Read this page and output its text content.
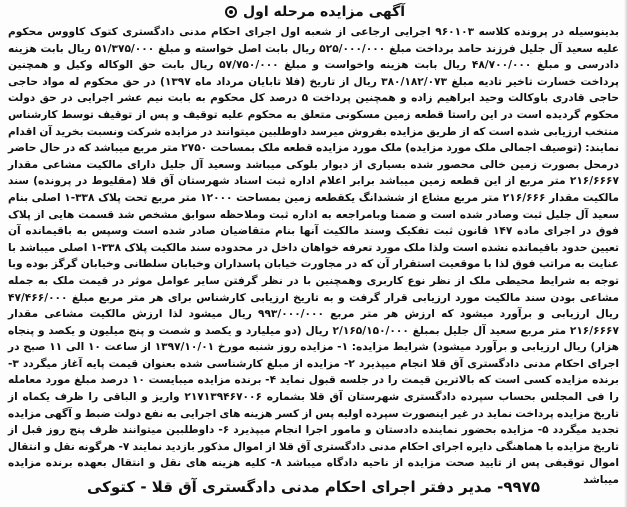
آگهی مزایده مرحله اول
بدینوسیله در پرونده کلاسه ۹۶۰۱۰۳ اجرایی ارجاعی از شعبه اول اجرای احکام مدنی دادگستری کتوک کاووس محکوم علیه سعید آل جلیل فرزند حامد برداخت مبلغ ۵۲۵/۰۰۰/۰۰۰ ریال بابت اصل خواسته و مبلغ ۵۱/۳۷۵/۰۰۰ ریال بابت هزینه دادرسی و مبلغ ۴۸/۷۰۰/۰۰۰ ریال بابت هزینه واخواست و مبلغ ۵۷/۷۵۰/۰۰۰ ریال بابت حق الوکاله وکیل و همچنین پرداخت خسارت تاخیر تادیه مبلغ ۳۸۰/۱۸۲/۰۷۳ ریال از تاریخ (فلا تابایان مرداد ماه ۱۳۹۷) در حق محکوم له مواد حاجی حاجی قادری باوکالت وحید ابراهیم زاده و همچنین پرداخت ۵ درصد کل محکوم به بابت نیم عشر اجرایی در حق دولت محکوم گردیده است در این راستا قطعه زمین مسکونی متعلق به محکوم علیه توقیف و پس از توقیف توسط کارشناس منتخب ارزیابی شده است که از طریق مزایده بفروش میرسد داوطلبین میتوانند در مزایده شرکت ونسبت بخرید آن اقدام نمایند: (توصیف اجمالی ملک مورد مزایده) ملک مورد مزایده قطعه ملک بمساحت ۲۷۵۰ متر مربع میباشد که در حال حاضر درمحل بصورت زمین خالی محصور شده بسیاری از دیوار بلوکی میباشد وسعید آل جلیل دارای مالکیت مشاعی مقدار ۲۱۶/۶۶۶۷ متر مربع از این قطعه زمین میباشد برابر اعلام اداره ثبت اسناد شهرستان آق قلا (مقلیوط در پرونده) سند مالکیت مقدار ۲۱۶/۶۶۶ متر مربع مشاع از ششدانگ یکقطعه زمین بمساحت ۱۲۰۰۰ متر مربع تحت پلاک ۳۳۸-۱ اصلی بنام سعید آل جلیل ثبت وصادر شده است و ضمنا وبامراجعه به اداره ثبت وملاحظه سوابق مشخص شد قسمت هایی از پلاک فوق در اجرای ماده ۱۴۷ قانون ثبت تفکیک وسند مالکیت آنها بنام متقاضیان صادر شده است وسپس به باقیمانده آن تعیین حدود باقیمانده نشده است ولذا ملک مورد تعرفه خواهان داخل در محدوده سند مالکیت پلاک ۳۳۸-۱ اصلی میباشد با عنایت به مراتب فوق لذا با موقعیت استقرار آن که در مجاورت خیابان پاسداران وخیابان سلطانی وخیابان گرگز بوده وبا توجه به شرایط محیطی ملک از نظر نوع کاربری وهمچنین با در نظر گرفتن سایر عوامل موثر در قیمت ملک به جمله مشاعی بودن سند مالکیت مورد ارزیابی قرار گرفت و به تاریخ ارزیابی کارشناس برای هر متر مربع مبلغ ۴۷/۴۶۶/۰۰۰ ریال ارزیابی و برآورد میشود که ارزش هر متر مربع ۹۹۳/۰۰۰/۰۰۰ ریال میشود لذا ارزش مالکیت مشاعی مقدار ۲۱۶/۶۶۶۷ متر مربع سعید آل جلیل بمبلغ ۲/۱۶۵/۱۵۰/۰۰۰ ریال (دو میلیارد و یکصد و شصت و پنج میلیون و یکصد و پنجاه هزار) ریال ارزیابی و برآورد میشود) شرایط مزایده: ۱- مزایده روز شنبه مورخ ۱۳۹۷/۱۰/۰۱ از ساعت ۱۰ الی ۱۱ صبح در اجرای احکام مدنی دادگستری آق قلا انجام میپذیرد ۲- مزایده از مبلغ کارشناسی شده بعنوان قیمت پایه آغاز میگردد ۳- برنده مزایده کسی است که بالاترین قیمت را در جلسه قبول نماید ۴- برنده مزایده میبایست ۱۰ درصد مبلغ مورد معامله را فی المجلس بحساب سپرده دادگستری شهرستان آق قلا بشماره ۲۱۷۱۳۹۴۶۷۰۰۶ واریز و الباقی را ظرف یکماه از تاریخ مزایده پرداخت نماید در غیر اینصورت سپرده اولیه پس از کسر هزینه های اجرایی به نفع دولت ضبط و آگهی مزایده تجدید میگردد ۵- مزایده بحضور نماینده دادستان و مامور اجرا انجام میپذیرد ۶- داوطلبین میتوانند ظرف پنج روز قبل از تاریخ مزایده با هماهنگی دایره اجرای احکام مدنی دادگستری آق قلا از اموال مذکور بازدید نمایند ۷- هرگونه نقل و انتقال اموال توقیفی پس از تایید صحت مزایده از ناحیه دادگاه میباشد ۸- کلیه هزینه های نقل و انتقال بعهده برنده مزایده میباشد
۹۹۷۵- مدیر دفتر اجرای احکام مدنی دادگستری آق قلا - کتوکی
